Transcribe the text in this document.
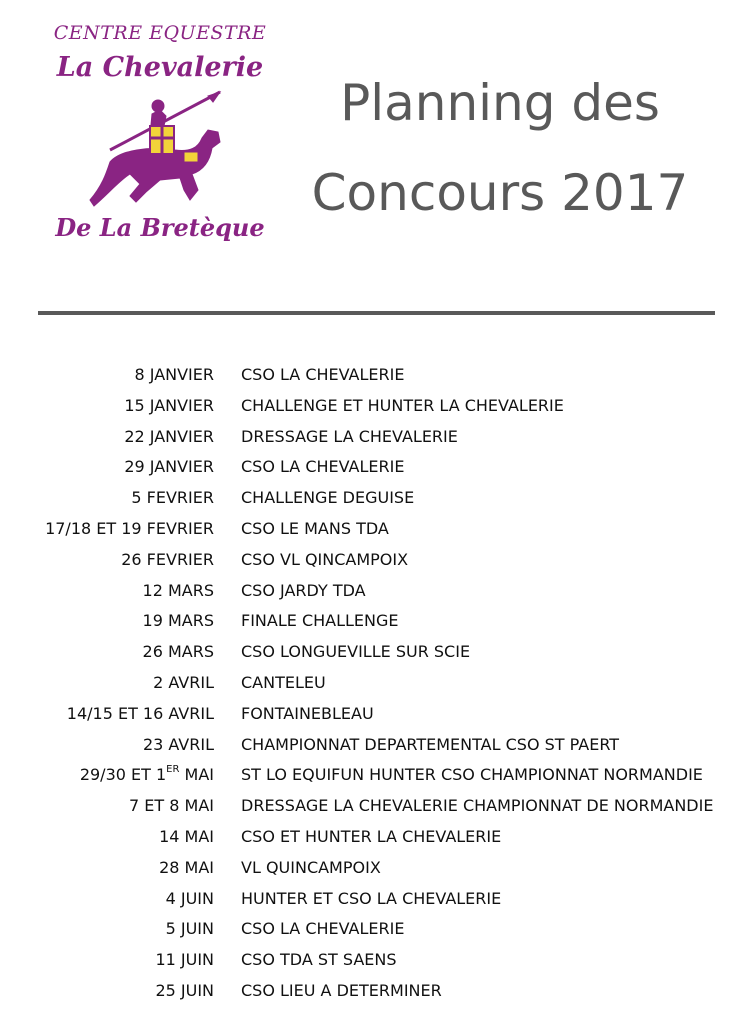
CENTRE EQUESTRE
La Chevalerie
De La Bretèque
Planning des
Concours 2017
8 JANVIER CSO LA CHEVALERIE
15 JANVIER CHALLENGE ET HUNTER LA CHEVALERIE
22 JANVIER DRESSAGE LA CHEVALERIE
29 JANVIER CSO LA CHEVALERIE
5 FEVRIER CHALLENGE DEGUISE
17/18 ET 19 FEVRIER CSO LE MANS TDA
26 FEVRIER CSO VL QINCAMPOIX
12 MARS CSO JARDY TDA
19 MARS FINALE CHALLENGE
26 MARS CSO LONGUEVILLE SUR SCIE
2 AVRIL CANTELEU
14/15 ET 16 AVRIL FONTAINEBLEAU
23 AVRIL CHAMPIONNAT DEPARTEMENTAL CSO ST PAERT
29/30 ET 1ER MAI ST LO EQUIFUN HUNTER CSO CHAMPIONNAT NORMANDIE
7 ET 8 MAI DRESSAGE LA CHEVALERIE CHAMPIONNAT DE NORMANDIE
14 MAI CSO ET HUNTER LA CHEVALERIE
28 MAI VL QUINCAMPOIX
4 JUIN HUNTER ET CSO LA CHEVALERIE
5 JUIN CSO LA CHEVALERIE
11 JUIN CSO TDA ST SAENS
25 JUIN CSO LIEU A DETERMINER
